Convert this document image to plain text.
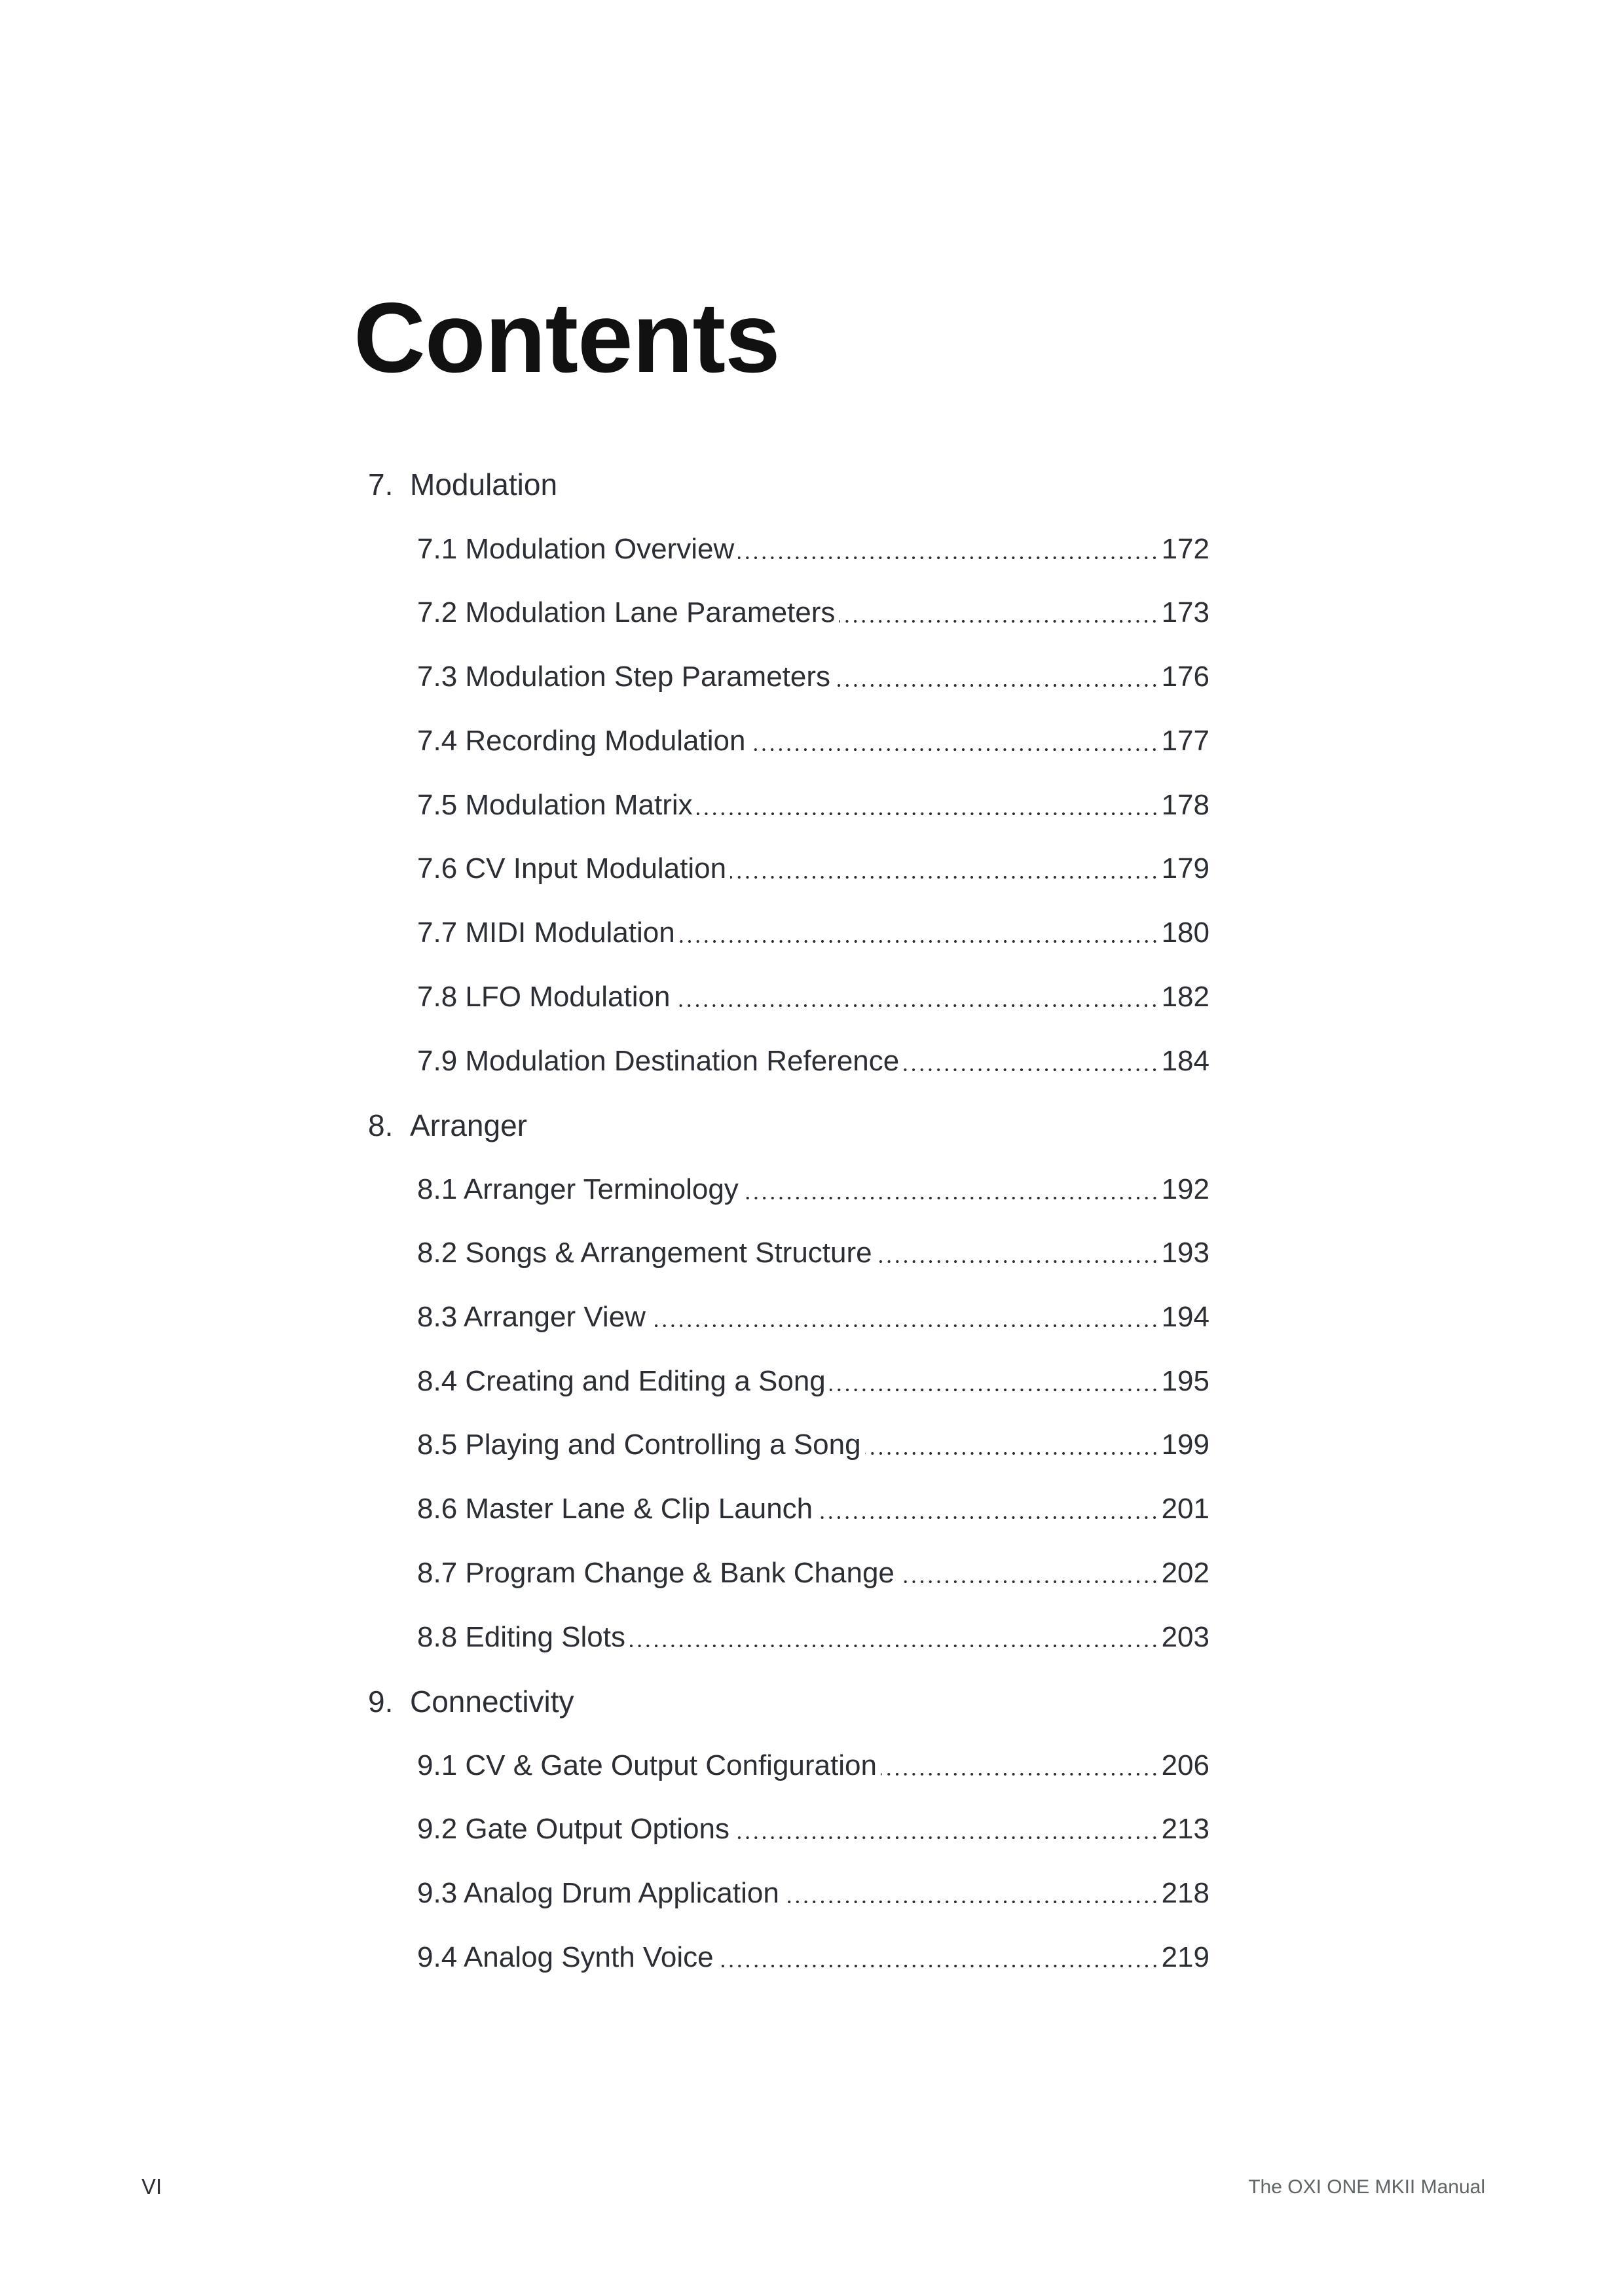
Contents
7. Modulation
7.1 Modulation Overview	172
7.2 Modulation Lane Parameters	173
7.3 Modulation Step Parameters	176
7.4 Recording Modulation	177
7.5 Modulation Matrix	178
7.6 CV Input Modulation	179
7.7 MIDI Modulation	180
7.8 LFO Modulation	182
7.9 Modulation Destination Reference	184
8. Arranger
8.1 Arranger Terminology	192
8.2 Songs & Arrangement Structure	193
8.3 Arranger View	194
8.4 Creating and Editing a Song	195
8.5 Playing and Controlling a Song	199
8.6 Master Lane & Clip Launch	201
8.7 Program Change & Bank Change	202
8.8 Editing Slots	203
9. Connectivity
9.1 CV & Gate Output Configuration	206
9.2 Gate Output Options	213
9.3 Analog Drum Application	218
9.4 Analog Synth Voice	219
VI	The OXI ONE MKII Manual
